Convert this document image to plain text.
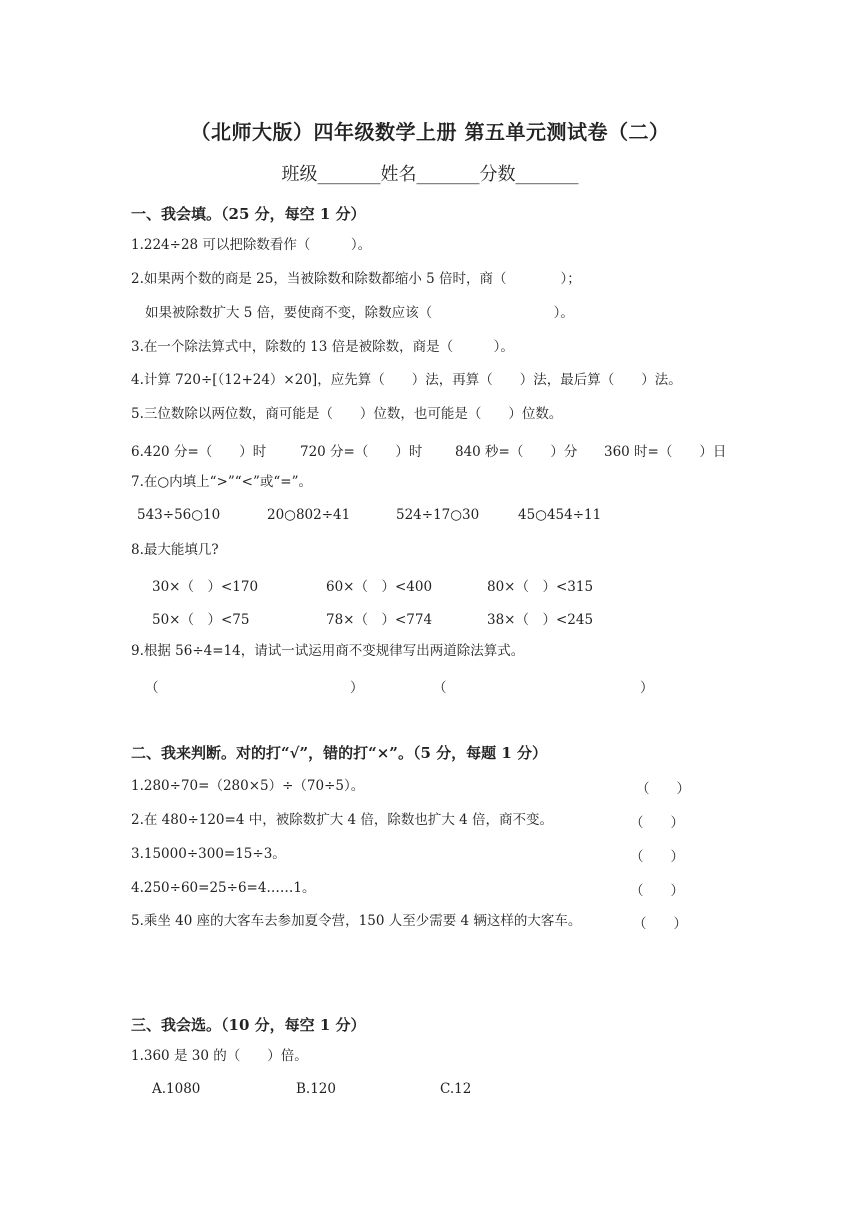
（北师大版）四年级数学上册 第五单元测试卷（二）
班级_______姓名_______分数_______
一、我会填。（25 分，每空 1 分）
1.224÷28 可以把除数看作（　　　）。
2.如果两个数的商是 25，当被除数和除数都缩小 5 倍时，商（　　　　）；
如果被除数扩大 5 倍，要使商不变，除数应该（　　　　　　　　　）。
3.在一个除法算式中，除数的 13 倍是被除数，商是（　　　）。
4.计算 720÷[（12+24）×20]，应先算（　　）法，再算（　　）法，最后算（　　）法。
5.三位数除以两位数，商可能是（　　）位数，也可能是（　　）位数。
6.420 分=（　　）时 720 分=（　　）时 840 秒=（　　）分 360 时=（　　）日
7.在○内填上“>”“<”或“=”。
543÷56○10	20○802÷41	524÷17○30	45○454÷11
8.最大能填几?
30×（　）<170	60×（　）<400	80×（　）<315
50×（　）<75	78×（　）<774	38×（　）<245
9.根据 56÷4=14，请试一试运用商不变规律写出两道除法算式。
（	）	（	）
二、我来判断。对的打“√”，错的打“×”。（5 分，每题 1 分）
1.280÷70=（280×5）÷（70÷5）。	（　　）
2.在 480÷120=4 中，被除数扩大 4 倍，除数也扩大 4 倍，商不变。	（　　）
3.15000÷300=15÷3。	（　　）
4.250÷60=25÷6=4……1。	（　　）
5.乘坐 40 座的大客车去参加夏令营，150 人至少需要 4 辆这样的大客车。	（　　）
三、我会选。（10 分，每空 1 分）
1.360 是 30 的（　　）倍。
A.1080	B.120	C.12
